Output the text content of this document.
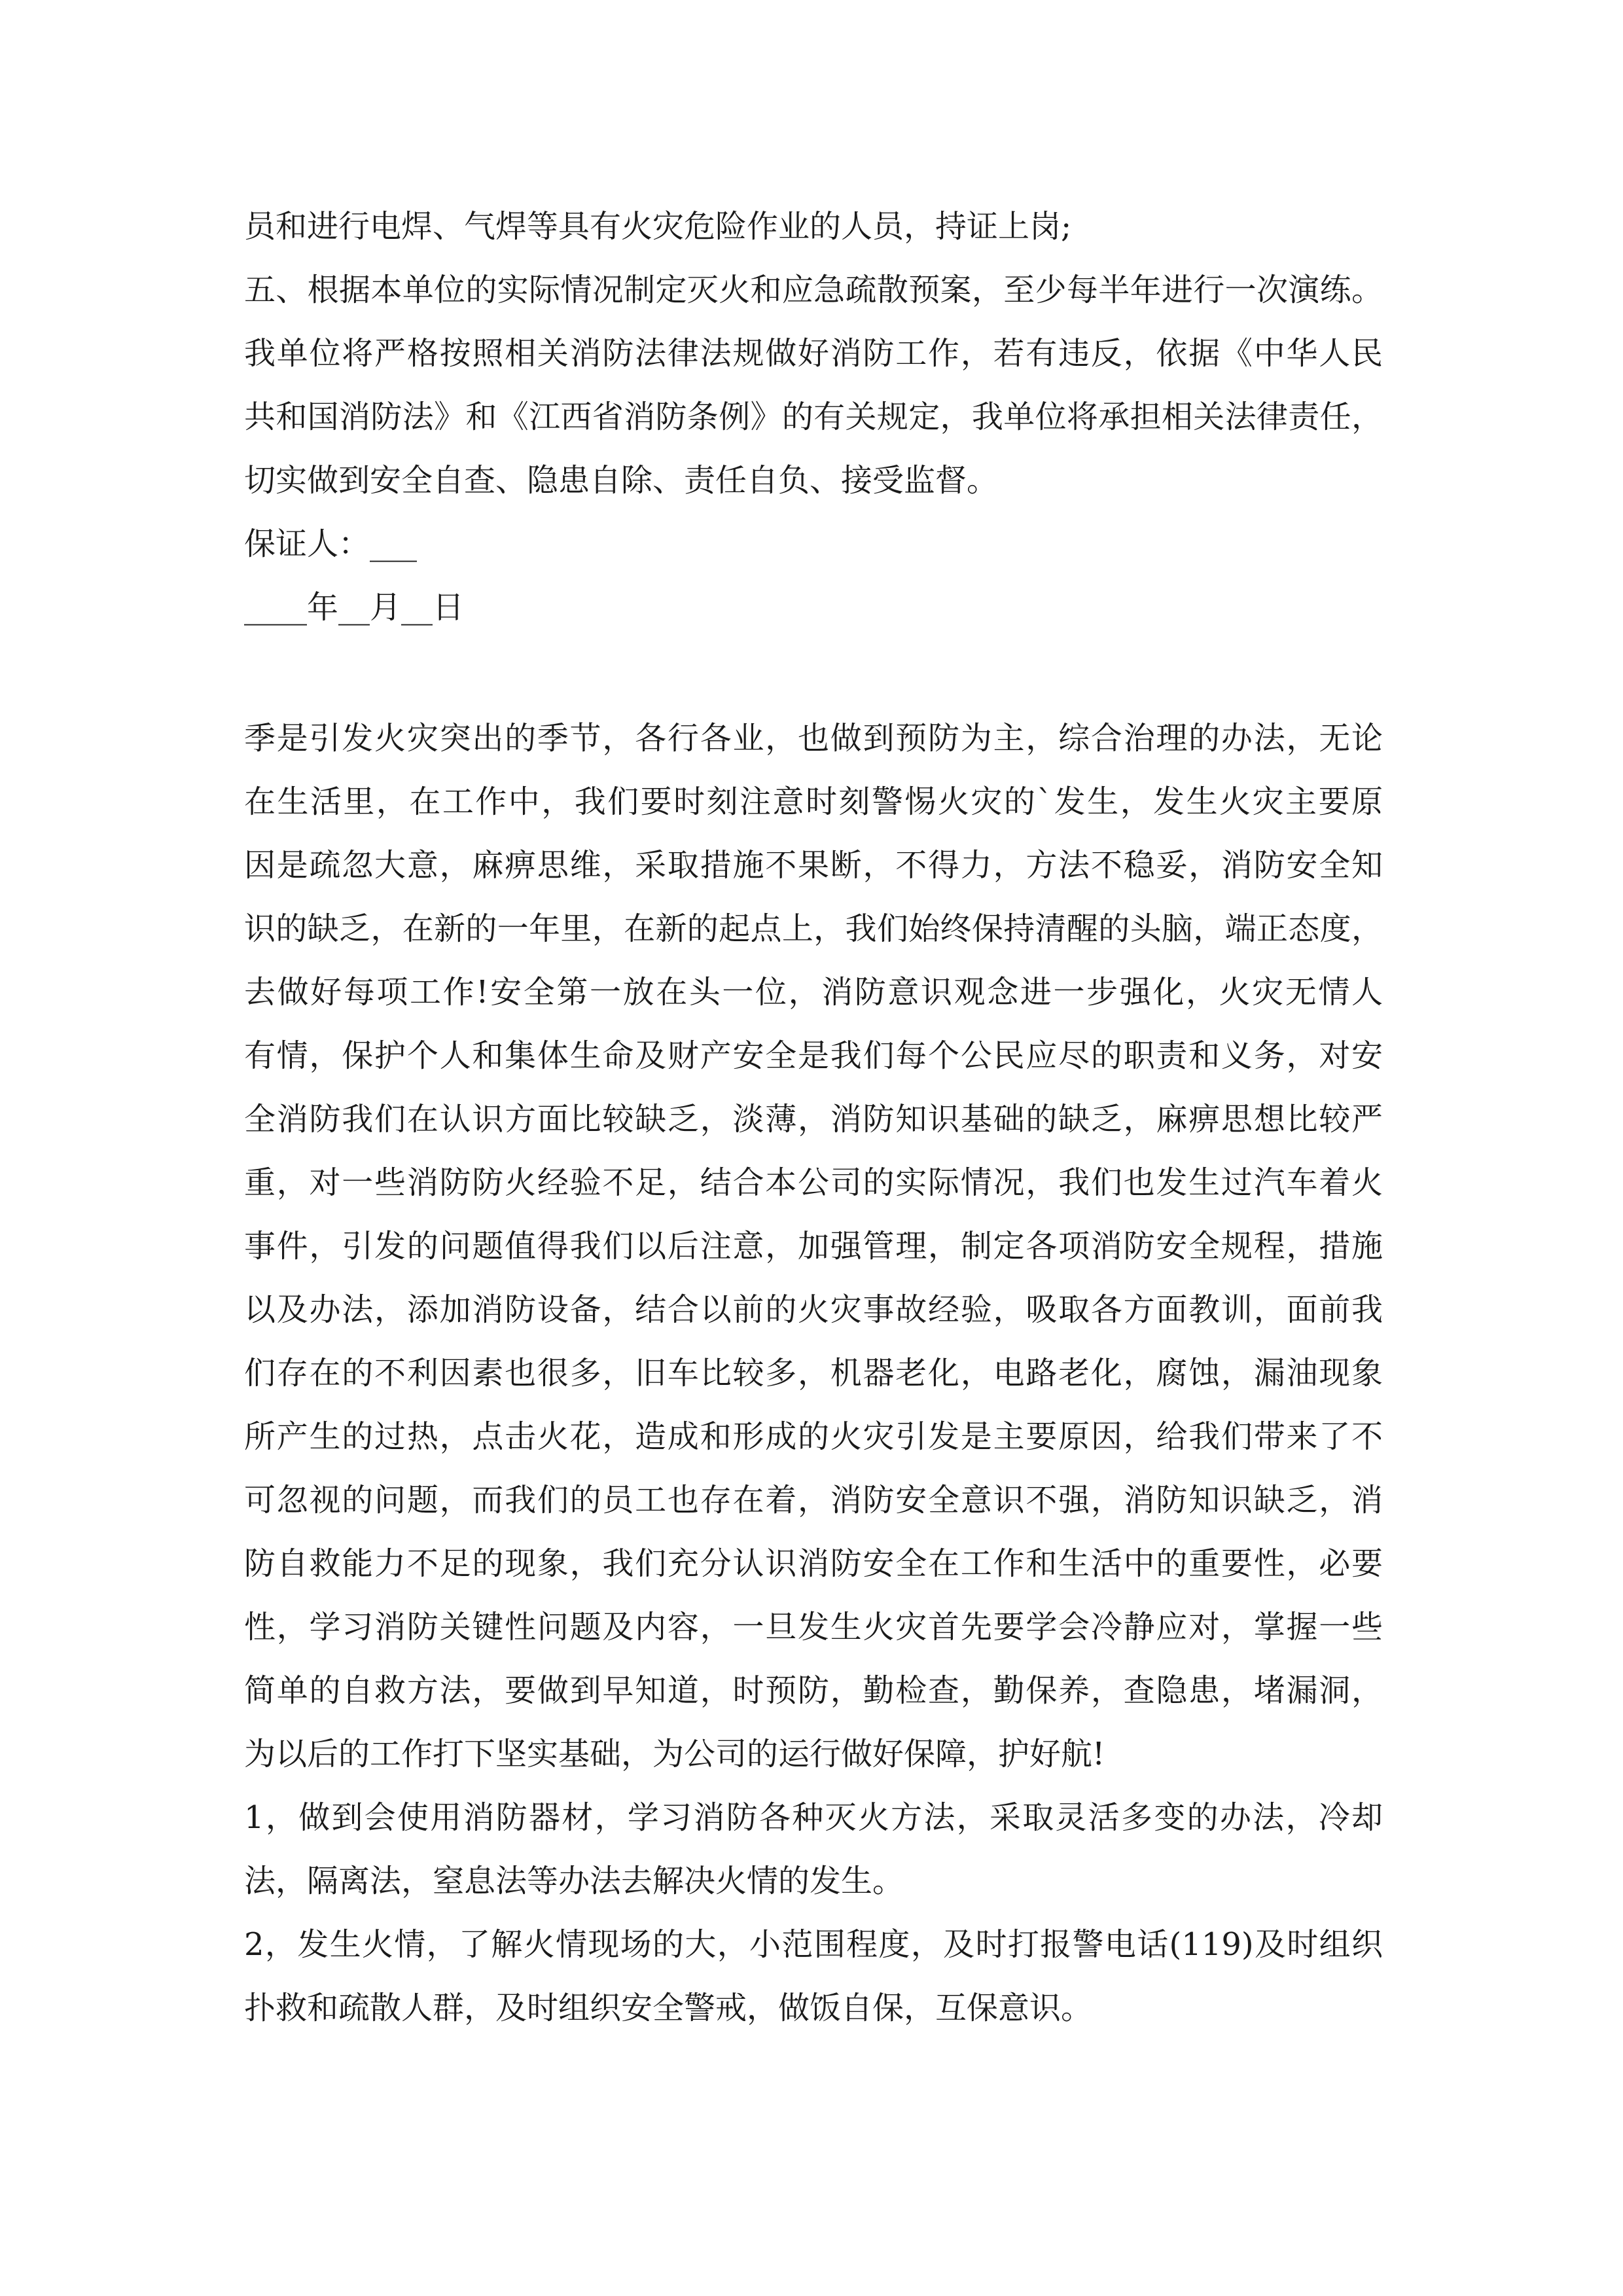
员和进行电焊、气焊等具有火灾危险作业的人员，持证上岗;
五、根据本单位的实际情况制定灭火和应急疏散预案，至少每半年进行一次演练。
我单位将严格按照相关消防法律法规做好消防工作，若有违反，依据《中华人民
共和国消防法》和《江西省消防条例》的有关规定，我单位将承担相关法律责任，
切实做到安全自查、隐患自除、责任自负、接受监督。
保证人：___
____年__月__日
季是引发火灾突出的季节，各行各业，也做到预防为主，综合治理的办法，无论
在生活里，在工作中，我们要时刻注意时刻警惕火灾的`发生，发生火灾主要原
因是疏忽大意，麻痹思维，采取措施不果断，不得力，方法不稳妥，消防安全知
识的缺乏，在新的一年里，在新的起点上，我们始终保持清醒的头脑，端正态度，
去做好每项工作!安全第一放在头一位，消防意识观念进一步强化，火灾无情人
有情，保护个人和集体生命及财产安全是我们每个公民应尽的职责和义务，对安
全消防我们在认识方面比较缺乏，淡薄，消防知识基础的缺乏，麻痹思想比较严
重，对一些消防防火经验不足，结合本公司的实际情况，我们也发生过汽车着火
事件，引发的问题值得我们以后注意，加强管理，制定各项消防安全规程，措施
以及办法，添加消防设备，结合以前的火灾事故经验，吸取各方面教训，面前我
们存在的不利因素也很多，旧车比较多，机器老化，电路老化，腐蚀，漏油现象
所产生的过热，点击火花，造成和形成的火灾引发是主要原因，给我们带来了不
可忽视的问题，而我们的员工也存在着，消防安全意识不强，消防知识缺乏，消
防自救能力不足的现象，我们充分认识消防安全在工作和生活中的重要性，必要
性，学习消防关键性问题及内容，一旦发生火灾首先要学会冷静应对，掌握一些
简单的自救方法，要做到早知道，时预防，勤检查，勤保养，查隐患，堵漏洞，
为以后的工作打下坚实基础，为公司的运行做好保障，护好航!
1，做到会使用消防器材，学习消防各种灭火方法，采取灵活多变的办法，冷却
法，隔离法，窒息法等办法去解决火情的发生。
2，发生火情，了解火情现场的大，小范围程度，及时打报警电话(119)及时组织
扑救和疏散人群，及时组织安全警戒，做饭自保，互保意识。
